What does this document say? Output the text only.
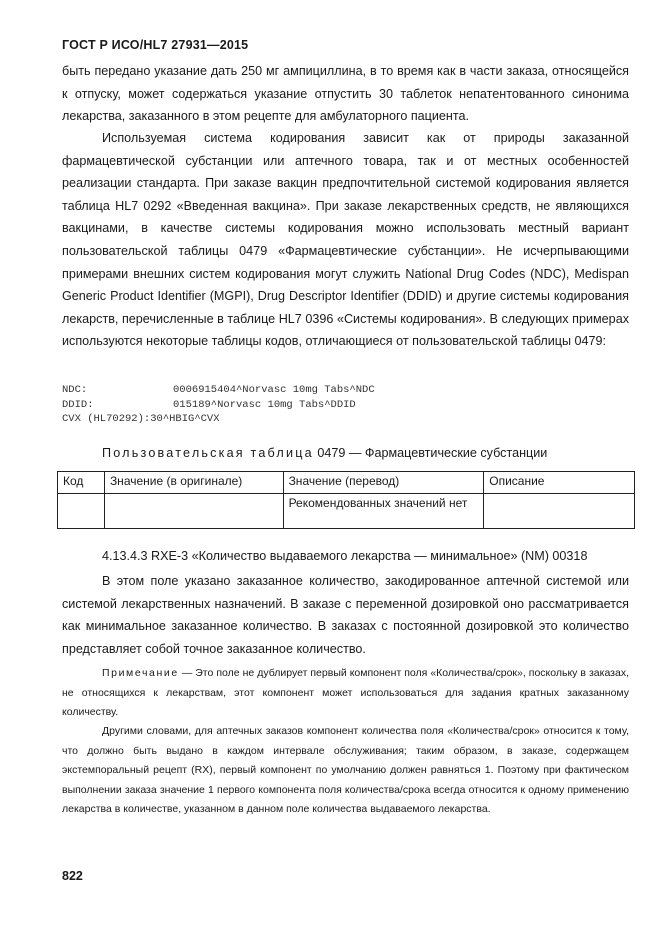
ГОСТ Р ИСО/HL7 27931—2015
быть передано указание дать 250 мг ампициллина, в то время как в части заказа, относящейся к отпуску, может содержаться указание отпустить 30 таблеток непатентованного синонима лекарства, заказанного в этом рецепте для амбулаторного пациента.
Используемая система кодирования зависит как от природы заказанной фармацевтической субстанции или аптечного товара, так и от местных особенностей реализации стандарта. При заказе вакцин предпочтительной системой кодирования является таблица HL7 0292 «Введенная вакцина». При заказе лекарственных средств, не являющихся вакцинами, в качестве системы кодирования можно использовать местный вариант пользовательской таблицы 0479 «Фармацевтические субстанции». Не исчерпывающими примерами внешних систем кодирования могут служить National Drug Codes (NDC), Medispan Generic Product Identifier (MGPI), Drug Descriptor Identifier (DDID) и другие системы кодирования лекарств, перечисленные в таблице HL7 0396 «Системы кодирования». В следующих примерах используются некоторые таблицы кодов, отличающиеся от пользовательской таблицы 0479:
NDC:	0006915404^Norvasc 10mg Tabs^NDC
DDID:	015189^Norvasc 10mg Tabs^DDID
CVX (HL70292): 30^HBIG^CVX
Пользовательская таблица 0479 — Фармацевтические субстанции
Код	Значение (в оригинале)	Значение (перевод)	Описание
		Рекомендованных значений нет	
4.13.4.3 RXE-3 «Количество выдаваемого лекарства — минимальное» (NM) 00318
В этом поле указано заказанное количество, закодированное аптечной системой или системой лекарственных назначений. В заказе с переменной дозировкой оно рассматривается как минимальное заказанное количество. В заказах с постоянной дозировкой это количество представляет собой точное заказанное количество.
Примечание — Это поле не дублирует первый компонент поля «Количества/срок», поскольку в заказах, не относящихся к лекарствам, этот компонент может использоваться для задания кратных заказанному количеству.
Другими словами, для аптечных заказов компонент количества поля «Количества/срок» относится к тому, что должно быть выдано в каждом интервале обслуживания; таким образом, в заказе, содержащем экстемпоральный рецепт (RX), первый компонент по умолчанию должен равняться 1. Поэтому при фактическом выполнении заказа значение 1 первого компонента поля количества/срока всегда относится к одному применению лекарства в количестве, указанном в данном поле количества выдаваемого лекарства.
822
